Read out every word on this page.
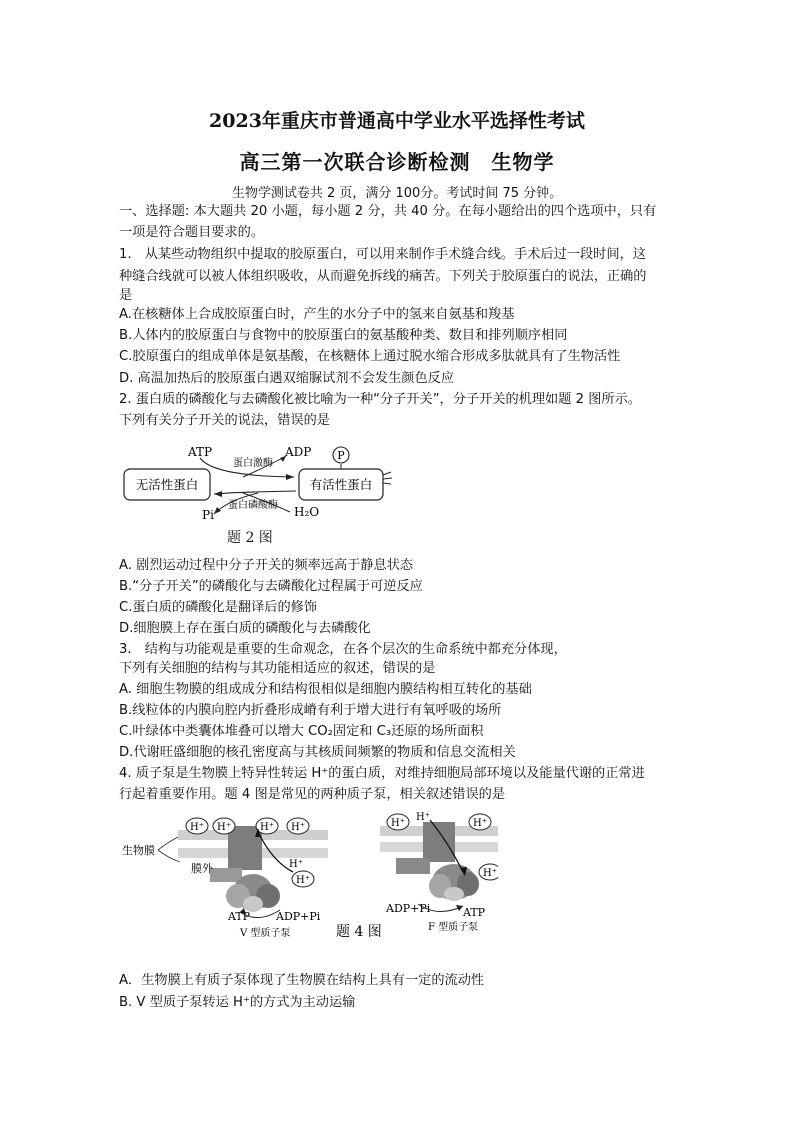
2023年重庆市普通高中学业水平选择性考试
高三第一次联合诊断检测　生物学
生物学测试卷共 2 页，满分 100分。考试时间 75 分钟。
一、选择题: 本大题共 20 小题，每小题 2 分，共 40 分。在每小题给出的四个选项中，只有
一项是符合题目要求的。
1.　从某些动物组织中提取的胶原蛋白，可以用来制作手术缝合线。手术后过一段时间，这
种缝合线就可以被人体组织吸收，从而避免拆线的痛苦。下列关于胶原蛋白的说法，正确的
是
A.在核糖体上合成胶原蛋白时，产生的水分子中的氢来自氨基和羧基
B.人体内的胶原蛋白与食物中的胶原蛋白的氨基酸种类、数目和排列顺序相同
C.胶原蛋白的组成单体是氨基酸，在核糖体上通过脱水缩合形成多肽就具有了生物活性
D. 高温加热后的胶原蛋白遇双缩脲试剂不会发生颜色反应
2. 蛋白质的磷酸化与去磷酸化被比喻为一种“分子开关”，分子开关的机理如题 2 图所示。
下列有关分子开关的说法，错误的是
无活性蛋白	有活性蛋白
P
ATP	ADP
蛋白激酶
蛋白磷酸酶
Pi	H₂O
题 2 图
A. 剧烈运动过程中分子开关的频率远高于静息状态
B.“分子开关”的磷酸化与去磷酸化过程属于可逆反应
C.蛋白质的磷酸化是翻译后的修饰
D.细胞膜上存在蛋白质的磷酸化与去磷酸化
3.　结构与功能观是重要的生命观念，在各个层次的生命系统中都充分体现，
下列有关细胞的结构与其功能相适应的叙述，错误的是
A. 细胞生物膜的组成成分和结构很相似是细胞内膜结构相互转化的基础
B.线粒体的内膜向腔内折叠形成嵴有利于增大进行有氧呼吸的场所
C.叶绿体中类囊体堆叠可以增大 CO₂固定和 C₃还原的场所面积
D.代谢旺盛细胞的核孔密度高与其核质间频繁的物质和信息交流相关
4. 质子泵是生物膜上特异性转运 H⁺的蛋白质，对维持细胞局部环境以及能量代谢的正常进
行起着重要作用。题 4 图是常见的两种质子泵，相关叙述错误的是
生物膜
膜外
H⁺ H⁺	H⁺ H⁺
H⁺
H⁺
ATP ADP+Pi
V 型质子泵	题 4 图
H⁺	H⁺
H⁺
H⁺
ADP+Pi	ATP
F 型质子泵
A．生物膜上有质子泵体现了生物膜在结构上具有一定的流动性
B. V 型质子泵转运 H⁺的方式为主动运输
